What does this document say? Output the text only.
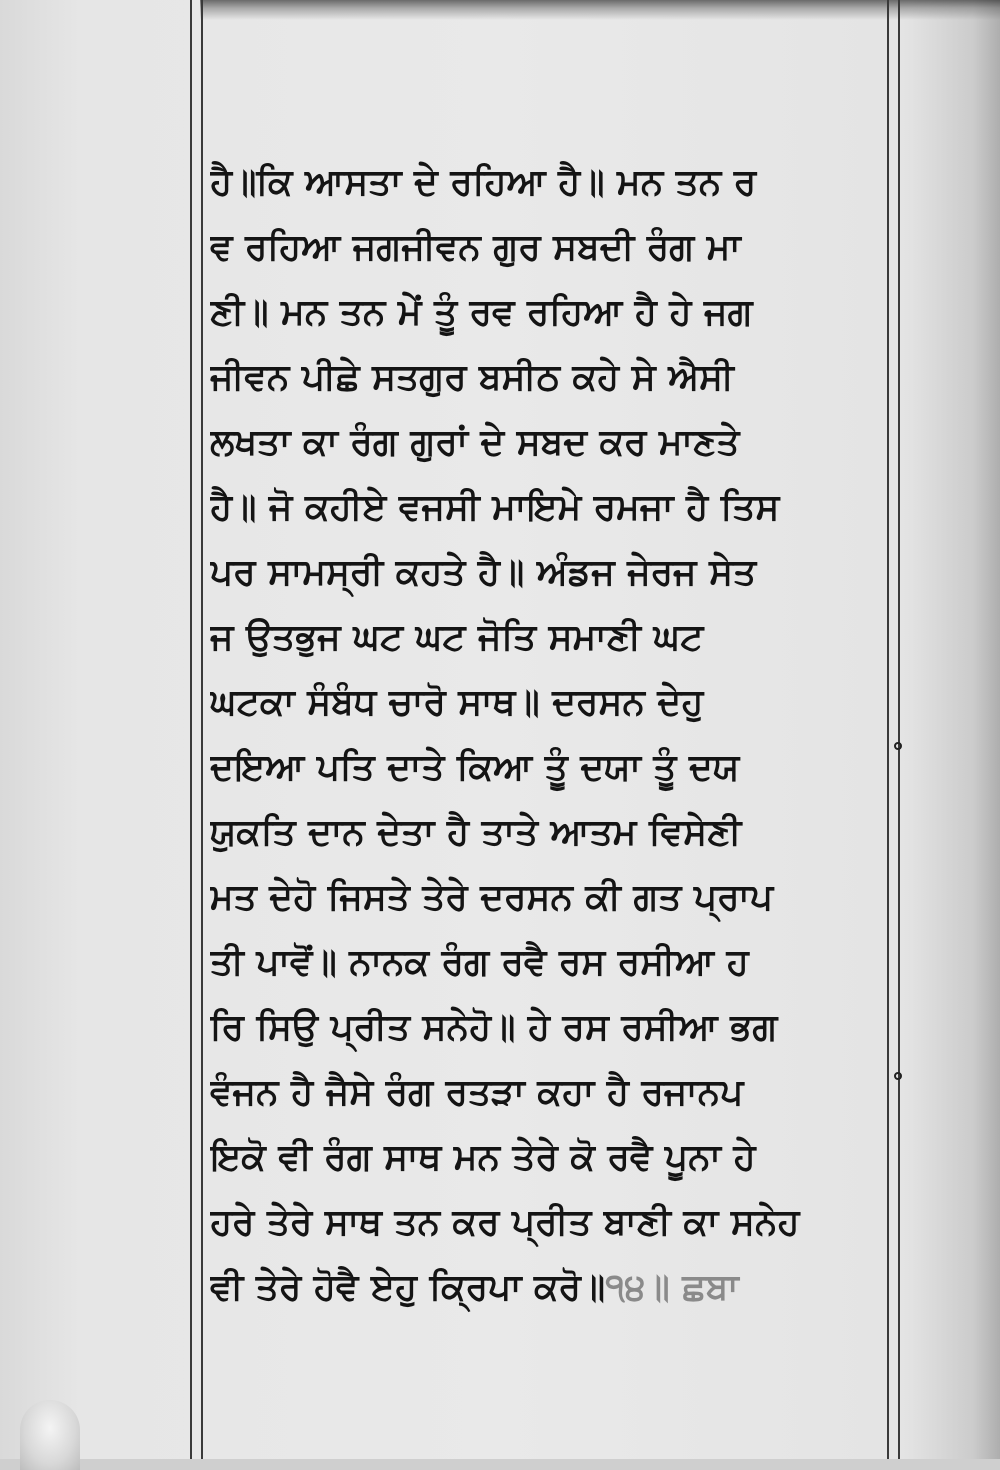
ਹੈ॥ਕਿ ਆਸਤਾ ਦੇ ਰਹਿਆ ਹੈ॥ ਮਨ ਤਨ ਰ
ਵ ਰਹਿਆ ਜਗਜੀਵਨ ਗੁਰ ਸਬਦੀ ਰੰਗ ਮਾ
ਣੀ॥ ਮਨ ਤਨ ਮੇਂ ਤੂੰ ਰਵ ਰਹਿਆ ਹੈ ਹੇ ਜਗ
ਜੀਵਨ ਪੀਛੇ ਸਤਗੁਰ ਬਸੀਠ ਕਹੇ ਸੇ ਐਸੀ
ਲਖਤਾ ਕਾ ਰੰਗ ਗੁਰਾਂ ਦੇ ਸਬਦ ਕਰ ਮਾਣਤੇ
ਹੈ॥ ਜੋ ਕਹੀਏ ਵਜਸੀ ਮਾਇਮੇ ਰਮਜਾ ਹੈ ਤਿਸ
ਪਰ ਸਾਮਸ੍ਰੀ ਕਹਤੇ ਹੈ॥ ਅੰਡਜ ਜੇਰਜ ਸੇਤ
ਜ ਉਤਭੁਜ ਘਟ ਘਟ ਜੋਤਿ ਸਮਾਣੀ ਘਟ
ਘਟਕਾ ਸੰਬੰਧ ਚਾਰੋ ਸਾਥ॥ ਦਰਸਨ ਦੇਹੁ
ਦਇਆ ਪਤਿ ਦਾਤੇ ਕਿਆ ਤੂੰ ਦਯਾ ਤੂੰ ਦਯ
ਯੁਕਤਿ ਦਾਨ ਦੇਤਾ ਹੈ ਤਾਤੇ ਆਤਮ ਵਿਸੇਣੀ
ਮਤ ਦੇਹੋ ਜਿਸਤੇ ਤੇਰੇ ਦਰਸਨ ਕੀ ਗਤ ਪ੍ਰਾਪ
ਤੀ ਪਾਵੋਂ॥ ਨਾਨਕ ਰੰਗ ਰਵੈ ਰਸ ਰਸੀਆ ਹ
ਰਿ ਸਿਉ ਪ੍ਰੀਤ ਸਨੇਹੋ॥ ਹੇ ਰਸ ਰਸੀਆ ਭਗ
ਵੰਜਨ ਹੈ ਜੈਸੇ ਰੰਗ ਰਤੜਾ ਕਹਾ ਹੈ ਰਜਾਨਪ
ਇਕੋ ਵੀ ਰੰਗ ਸਾਥ ਮਨ ਤੇਰੇ ਕੋ ਰਵੈ ਪੂਨਾ ਹੇ
ਹਰੇ ਤੇਰੇ ਸਾਥ ਤਨ ਕਰ ਪ੍ਰੀਤ ਬਾਣੀ ਕਾ ਸਨੇਹ
ਵੀ ਤੇਰੇ ਹੋਵੈ ਏਹੁ ਕ੍ਰਿਪਾ ਕਰੋ॥੧੪॥ ਛਬਾ
